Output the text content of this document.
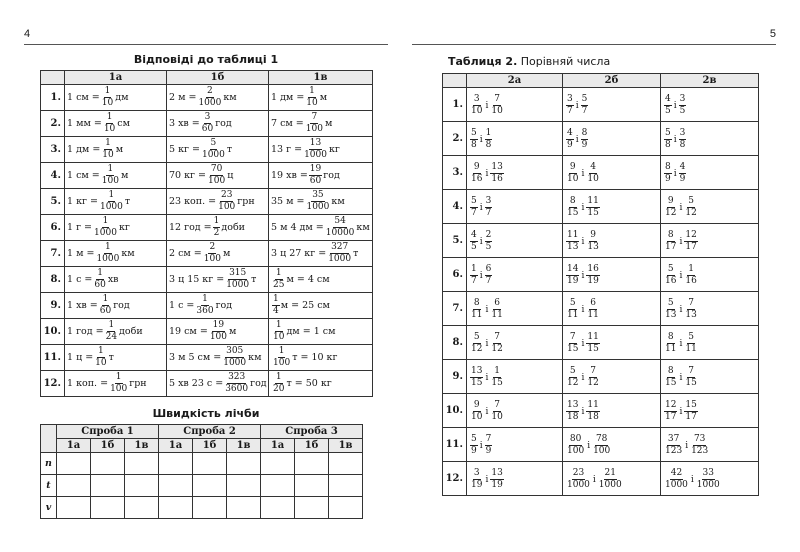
4
Відповіді до таблиці 1
	1а	1б	1в
1.	1 см = $\frac{1}{10}$ дм	2 $м = \frac{2}{1000}$ км	1 дм = $\frac{1}{10}$ м
2.	1 мм = $\frac{1}{10}$ см	3 хв = $\frac{3}{60}$ год	7 см = $\frac{7}{100}$ м
3.	1 дм = $\frac{1}{10}$ м	5 кг = $\frac{5}{1000}$ т	13 $г = \frac{13}{1000}$ кг
4.	1 см = $\frac{1}{100}$ м	70 кг = $\frac{70}{100}$ ц	19 хв = $\frac{19}{60}$ год
5.	1 кг = $\frac{1}{1000}$ т	23 коп. = $\frac{23}{100}$ грн	35 $м = \frac{35}{1000}$ км
6.	1 $г = \frac{1}{1000}$ кг	12 год = $\frac{1}{2}$ доби	5 м 4 дм = $\frac{54}{10000}$ км
7.	1 $м = \frac{1}{1000}$ км	2 см = $\frac{2}{100}$ м	3 ц 27 кг = $\frac{327}{1000}$ т
8.	1 $с = \frac{1}{60}$ хв	3 ц 15 кг = $\frac{315}{1000}$ т	$\frac{1}{25}$ м = 4 см
9.	1 хв = $\frac{1}{60}$ год	1 $с = \frac{1}{360}$ год	$\frac{1}{4}$ м = 25 см
10.	1 год = $\frac{1}{24}$ доби	19 см = $\frac{19}{100}$ м	$\frac{1}{10}$ дм = 1 см
11.	1 $ц = \frac{1}{10}$ т	3 м 5 см = $\frac{305}{1000}$ км	$\frac{1}{100}$ т = 10 кг
12.	1 коп. = $\frac{1}{100}$ грн	5 хв 23 $с = \frac{323}{3600}$ год	$\frac{1}{20}$ т = 50 кг
Швидкість лічби
	Спроба 1			Спроба 2			Спроба 3		
	1а	1б	1в	1а	1б	1в	1а	1б	1в
n									
t									
v									
5
Таблиця 2. Порівняй числа
	2а	2б	2в
1.	$\frac{3}{10}$ і $\frac{7}{10}$	$\frac{3}{7}$ і $\frac{5}{7}$	$\frac{4}{5}$ і $\frac{3}{5}$

2.	$\frac{5}{8}$ і $\frac{1}{8}$	$\frac{4}{9}$ і $\frac{8}{9}$	$\frac{5}{8}$ і $\frac{3}{8}$

3.	$\frac{9}{16}$ і $\frac{13}{16}$	$\frac{9}{10}$ і $\frac{4}{10}$	$\frac{8}{9}$ і $\frac{4}{9}$

4.	$\frac{5}{7}$ і $\frac{3}{7}$	$\frac{8}{15}$ і $\frac{11}{15}$	$\frac{9}{12}$ і $\frac{5}{12}$

5.	$\frac{4}{5}$ і $\frac{2}{5}$	$\frac{11}{13}$ і $\frac{9}{13}$	$\frac{8}{17}$ і $\frac{12}{17}$

6.	$\frac{1}{7}$ і $\frac{6}{7}$	$\frac{14}{19}$ і $\frac{16}{19}$	$\frac{5}{16}$ і $\frac{1}{16}$

7.	$\frac{8}{11}$ і $\frac{6}{11}$	$\frac{5}{11}$ і $\frac{6}{11}$	$\frac{5}{13}$ і $\frac{7}{13}$

8.	$\frac{5}{12}$ і $\frac{7}{12}$	$\frac{7}{15}$ і $\frac{11}{15}$	$\frac{8}{11}$ і $\frac{5}{11}$

9.	$\frac{13}{15}$ і $\frac{1}{15}$	$\frac{5}{12}$ і $\frac{7}{12}$	$\frac{8}{15}$ і $\frac{7}{15}$

10.	$\frac{9}{10}$ і $\frac{7}{10}$	$\frac{13}{18}$ і $\frac{11}{18}$	$\frac{12}{17}$ і $\frac{15}{17}$

11.	$\frac{5}{9}$ і $\frac{7}{9}$	$\frac{80}{100}$ і $\frac{78}{100}$	$\frac{37}{123}$ і $\frac{73}{123}$

12.	$\frac{3}{19}$ і $\frac{13}{19}$	$\frac{23}{1000}$ і $\frac{21}{1000}$	$\frac{42}{1000}$ і $\frac{33}{1000}$
